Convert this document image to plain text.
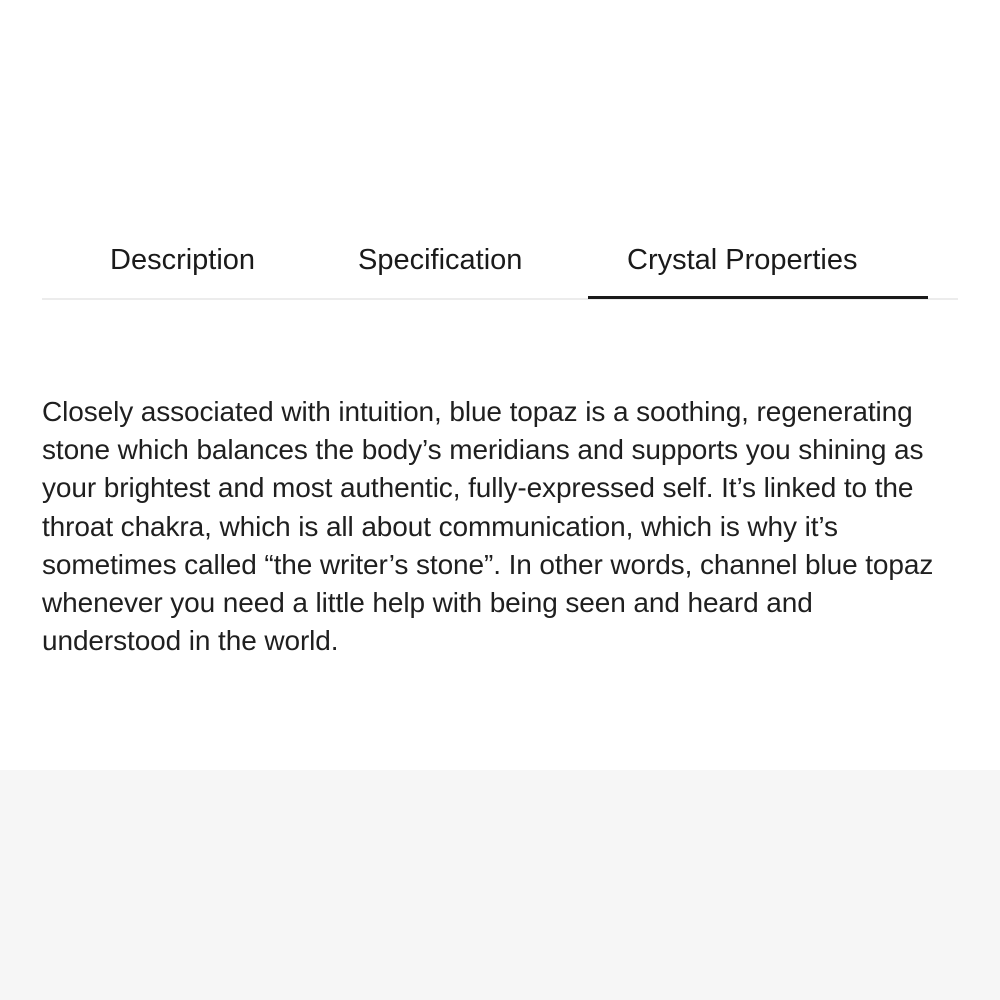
Description	Specification	Crystal Properties

Closely associated with intuition, blue topaz is a soothing, regenerating stone which balances the body’s meridians and supports you shining as your brightest and most authentic, fully-expressed self. It’s linked to the throat chakra, which is all about communication, which is why it’s sometimes called “the writer’s stone”. In other words, channel blue topaz whenever you need a little help with being seen and heard and understood in the world.
